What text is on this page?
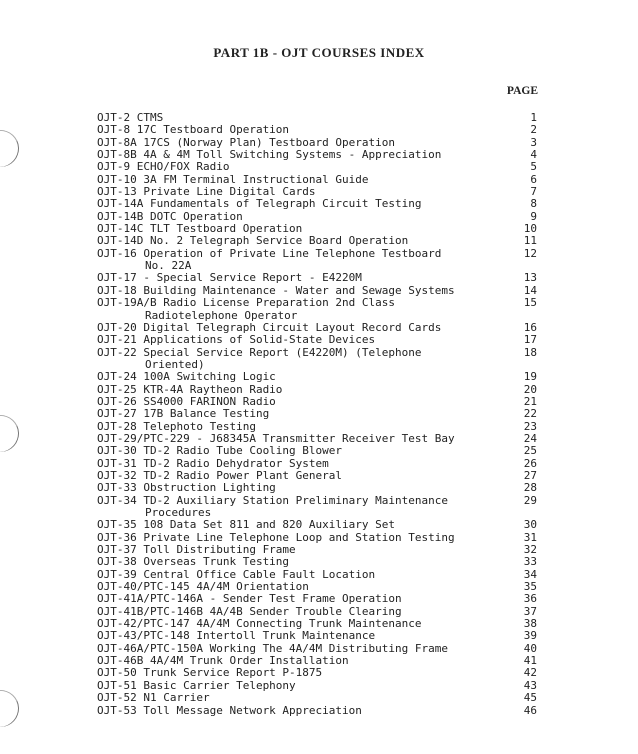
PART 1B - OJT COURSES INDEX
PAGE
OJT-2 CTMS	1
OJT-8 17C Testboard Operation	2
OJT-8A 17CS (Norway Plan) Testboard Operation	3
OJT-8B 4A & 4M Toll Switching Systems - Appreciation	4
OJT-9 ECHO/FOX Radio	5
OJT-10 3A FM Terminal Instructional Guide	6
OJT-13 Private Line Digital Cards	7
OJT-14A Fundamentals of Telegraph Circuit Testing	8
OJT-14B DOTC Operation	9
OJT-14C TLT Testboard Operation	10
OJT-14D No. 2 Telegraph Service Board Operation	11
OJT-16 Operation of Private Line Telephone Testboard
No. 22A
12
OJT-17 - Special Service Report - E4220M	13
OJT-18 Building Maintenance - Water and Sewage Systems	14
OJT-19A/B Radio License Preparation 2nd Class
Radiotelephone Operator
15
OJT-20 Digital Telegraph Circuit Layout Record Cards	16
OJT-21 Applications of Solid-State Devices	17
OJT-22 Special Service Report (E4220M) (Telephone
Oriented)
18
OJT-24 100A Switching Logic	19
OJT-25 KTR-4A Raytheon Radio	20
OJT-26 SS4000 FARINON Radio	21
OJT-27 17B Balance Testing	22
OJT-28 Telephoto Testing	23
OJT-29/PTC-229 - J68345A Transmitter Receiver Test Bay	24
OJT-30 TD-2 Radio Tube Cooling Blower	25
OJT-31 TD-2 Radio Dehydrator System	26
OJT-32 TD-2 Radio Power Plant General	27
OJT-33 Obstruction Lighting	28
OJT-34 TD-2 Auxiliary Station Preliminary Maintenance
Procedures
29
OJT-35 108 Data Set 811 and 820 Auxiliary Set	30
OJT-36 Private Line Telephone Loop and Station Testing	31
OJT-37 Toll Distributing Frame	32
OJT-38 Overseas Trunk Testing	33
OJT-39 Central Office Cable Fault Location	34
OJT-40/PTC-145 4A/4M Orientation	35
OJT-41A/PTC-146A - Sender Test Frame Operation	36
OJT-41B/PTC-146B 4A/4B Sender Trouble Clearing	37
OJT-42/PTC-147 4A/4M Connecting Trunk Maintenance	38
OJT-43/PTC-148 Intertoll Trunk Maintenance	39
OJT-46A/PTC-150A Working The 4A/4M Distributing Frame	40
OJT-46B 4A/4M Trunk Order Installation	41
OJT-50 Trunk Service Report P-1875	42
OJT-51 Basic Carrier Telephony	43
OJT-52 N1 Carrier	45
OJT-53 Toll Message Network Appreciation	46
